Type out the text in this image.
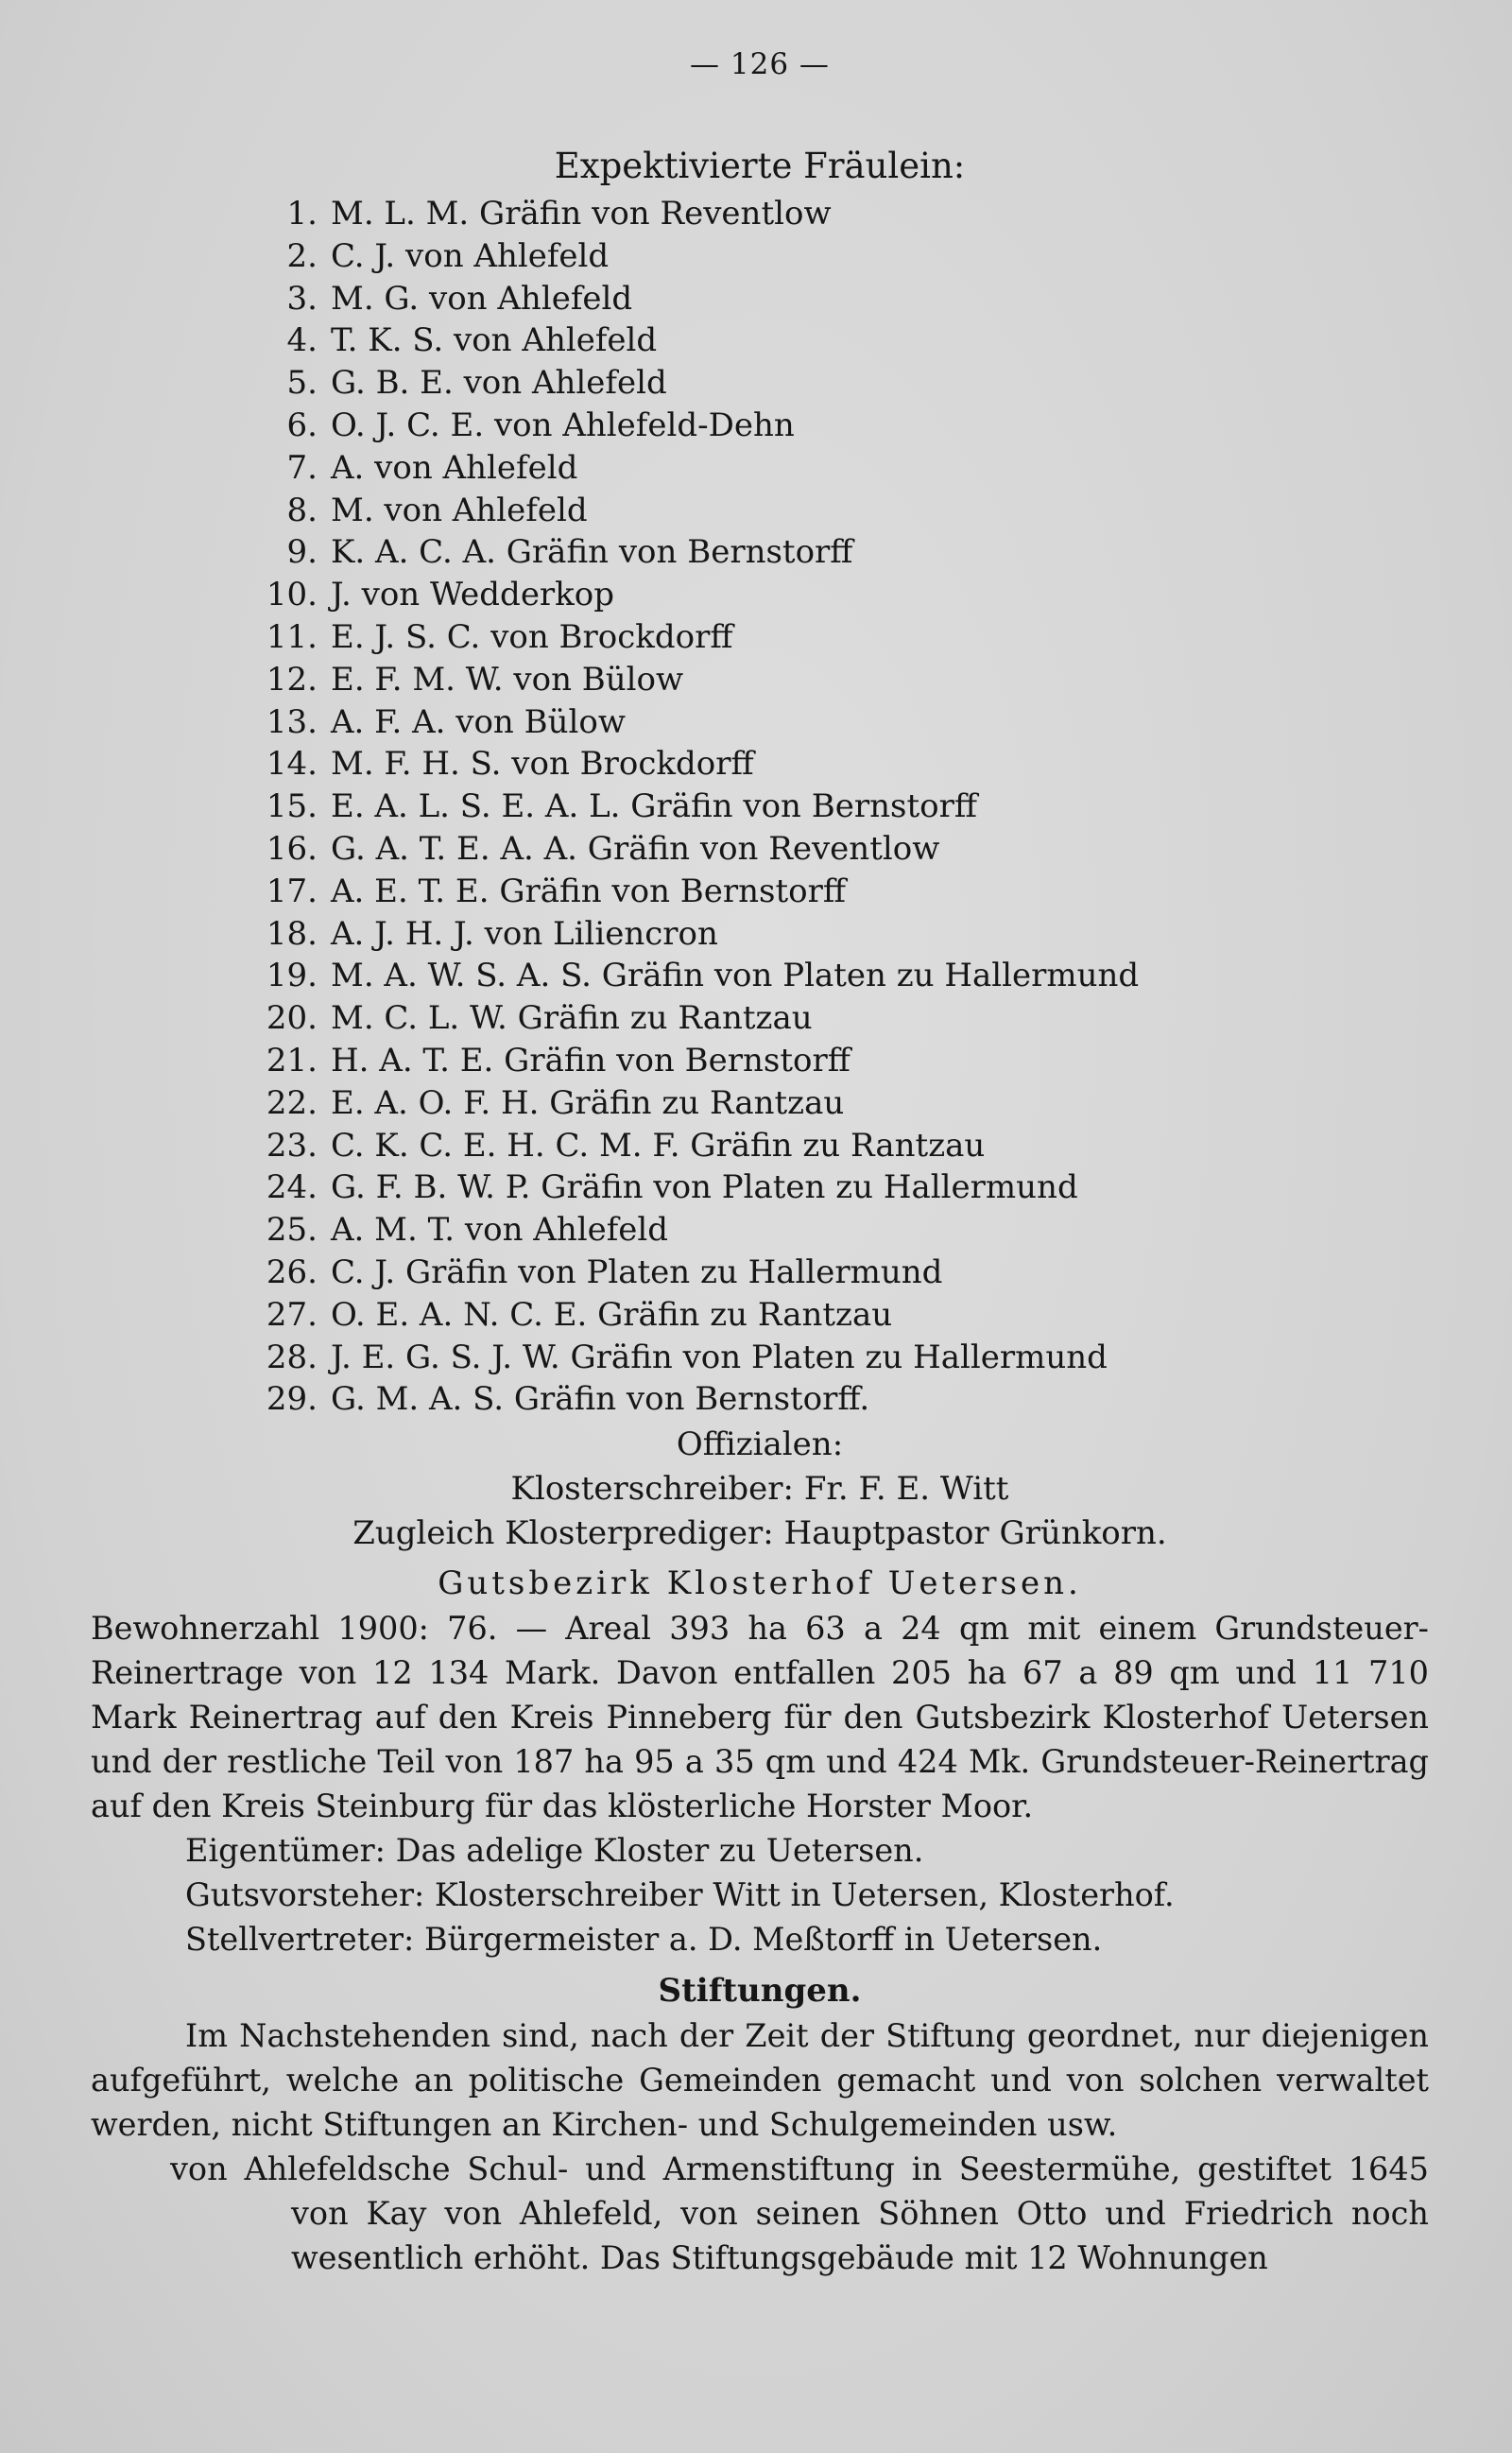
— 126 —
Expektivierte Fräulein:
1. M. L. M. Gräfin von Reventlow
2. C. J. von Ahlefeld
3. M. G. von Ahlefeld
4. T. K. S. von Ahlefeld
5. G. B. E. von Ahlefeld
6. O. J. C. E. von Ahlefeld-Dehn
7. A. von Ahlefeld
8. M. von Ahlefeld
9. K. A. C. A. Gräfin von Bernstorff
10. J. von Wedderkop
11. E. J. S. C. von Brockdorff
12. E. F. M. W. von Bülow
13. A. F. A. von Bülow
14. M. F. H. S. von Brockdorff
15. E. A. L. S. E. A. L. Gräfin von Bernstorff
16. G. A. T. E. A. A. Gräfin von Reventlow
17. A. E. T. E. Gräfin von Bernstorff
18. A. J. H. J. von Liliencron
19. M. A. W. S. A. S. Gräfin von Platen zu Hallermund
20. M. C. L. W. Gräfin zu Rantzau
21. H. A. T. E. Gräfin von Bernstorff
22. E. A. O. F. H. Gräfin zu Rantzau
23. C. K. C. E. H. C. M. F. Gräfin zu Rantzau
24. G. F. B. W. P. Gräfin von Platen zu Hallermund
25. A. M. T. von Ahlefeld
26. C. J. Gräfin von Platen zu Hallermund
27. O. E. A. N. C. E. Gräfin zu Rantzau
28. J. E. G. S. J. W. Gräfin von Platen zu Hallermund
29. G. M. A. S. Gräfin von Bernstorff.
Offizialen:
Klosterschreiber: Fr. F. E. Witt
Zugleich Klosterprediger: Hauptpastor Grünkorn.
Gutsbezirk Klosterhof Uetersen.

Bewohnerzahl 1900: 76. — Areal 393 ha 63 a 24 qm mit einem Grundsteuer-Reinertrage von 12 134 Mark. Davon entfallen 205 ha 67 a 89 qm und 11 710 Mark Reinertrag auf den Kreis Pinneberg für den Gutsbezirk Klosterhof Uetersen und der restliche Teil von 187 ha 95 a 35 qm und 424 Mk. Grundsteuer-Reinertrag auf den Kreis Steinburg für das klösterliche Horster Moor.

Eigentümer: Das adelige Kloster zu Uetersen.

Gutsvorsteher: Klosterschreiber Witt in Uetersen, Klosterhof.

Stellvertreter: Bürgermeister a. D. Meßtorff in Uetersen.

Stiftungen.

Im Nachstehenden sind, nach der Zeit der Stiftung geordnet, nur diejenigen aufgeführt, welche an politische Gemeinden gemacht und von solchen verwaltet werden, nicht Stiftungen an Kirchen- und Schulgemeinden usw.

von Ahlefeldsche Schul- und Armenstiftung in Seestermühe, gestiftet 1645 von Kay von Ahlefeld, von seinen Söhnen Otto und Friedrich noch wesentlich erhöht. Das Stiftungsgebäude mit 12 Wohnungen
